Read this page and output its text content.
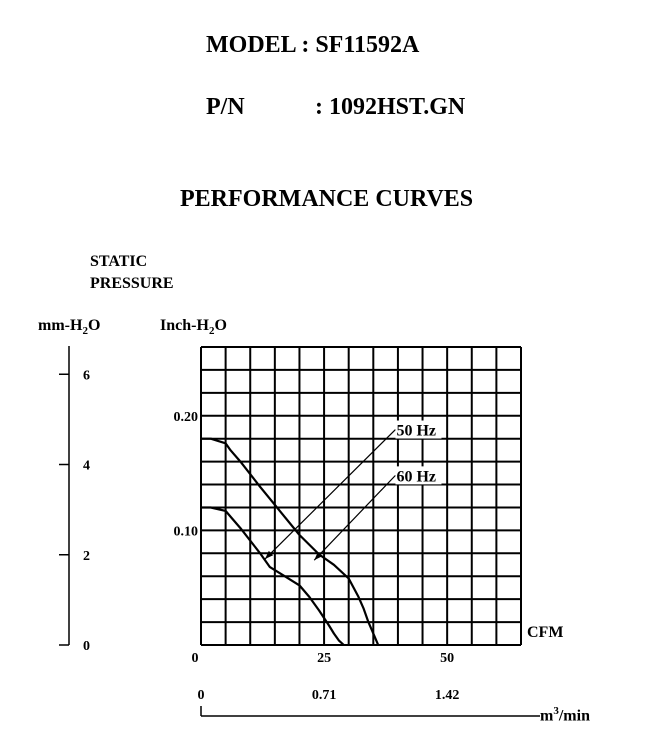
MODEL : SF11592A
P/N	: 1092HST.GN
PERFORMANCE CURVES
STATIC
PRESSURE
$mm-H_2O$	Inch-$H_2O$
CFM
$m^3/\min$
0.10
0.20
0	25	50
0	0.71	1.42
0
2
4
6
50 Hz
60 Hz
